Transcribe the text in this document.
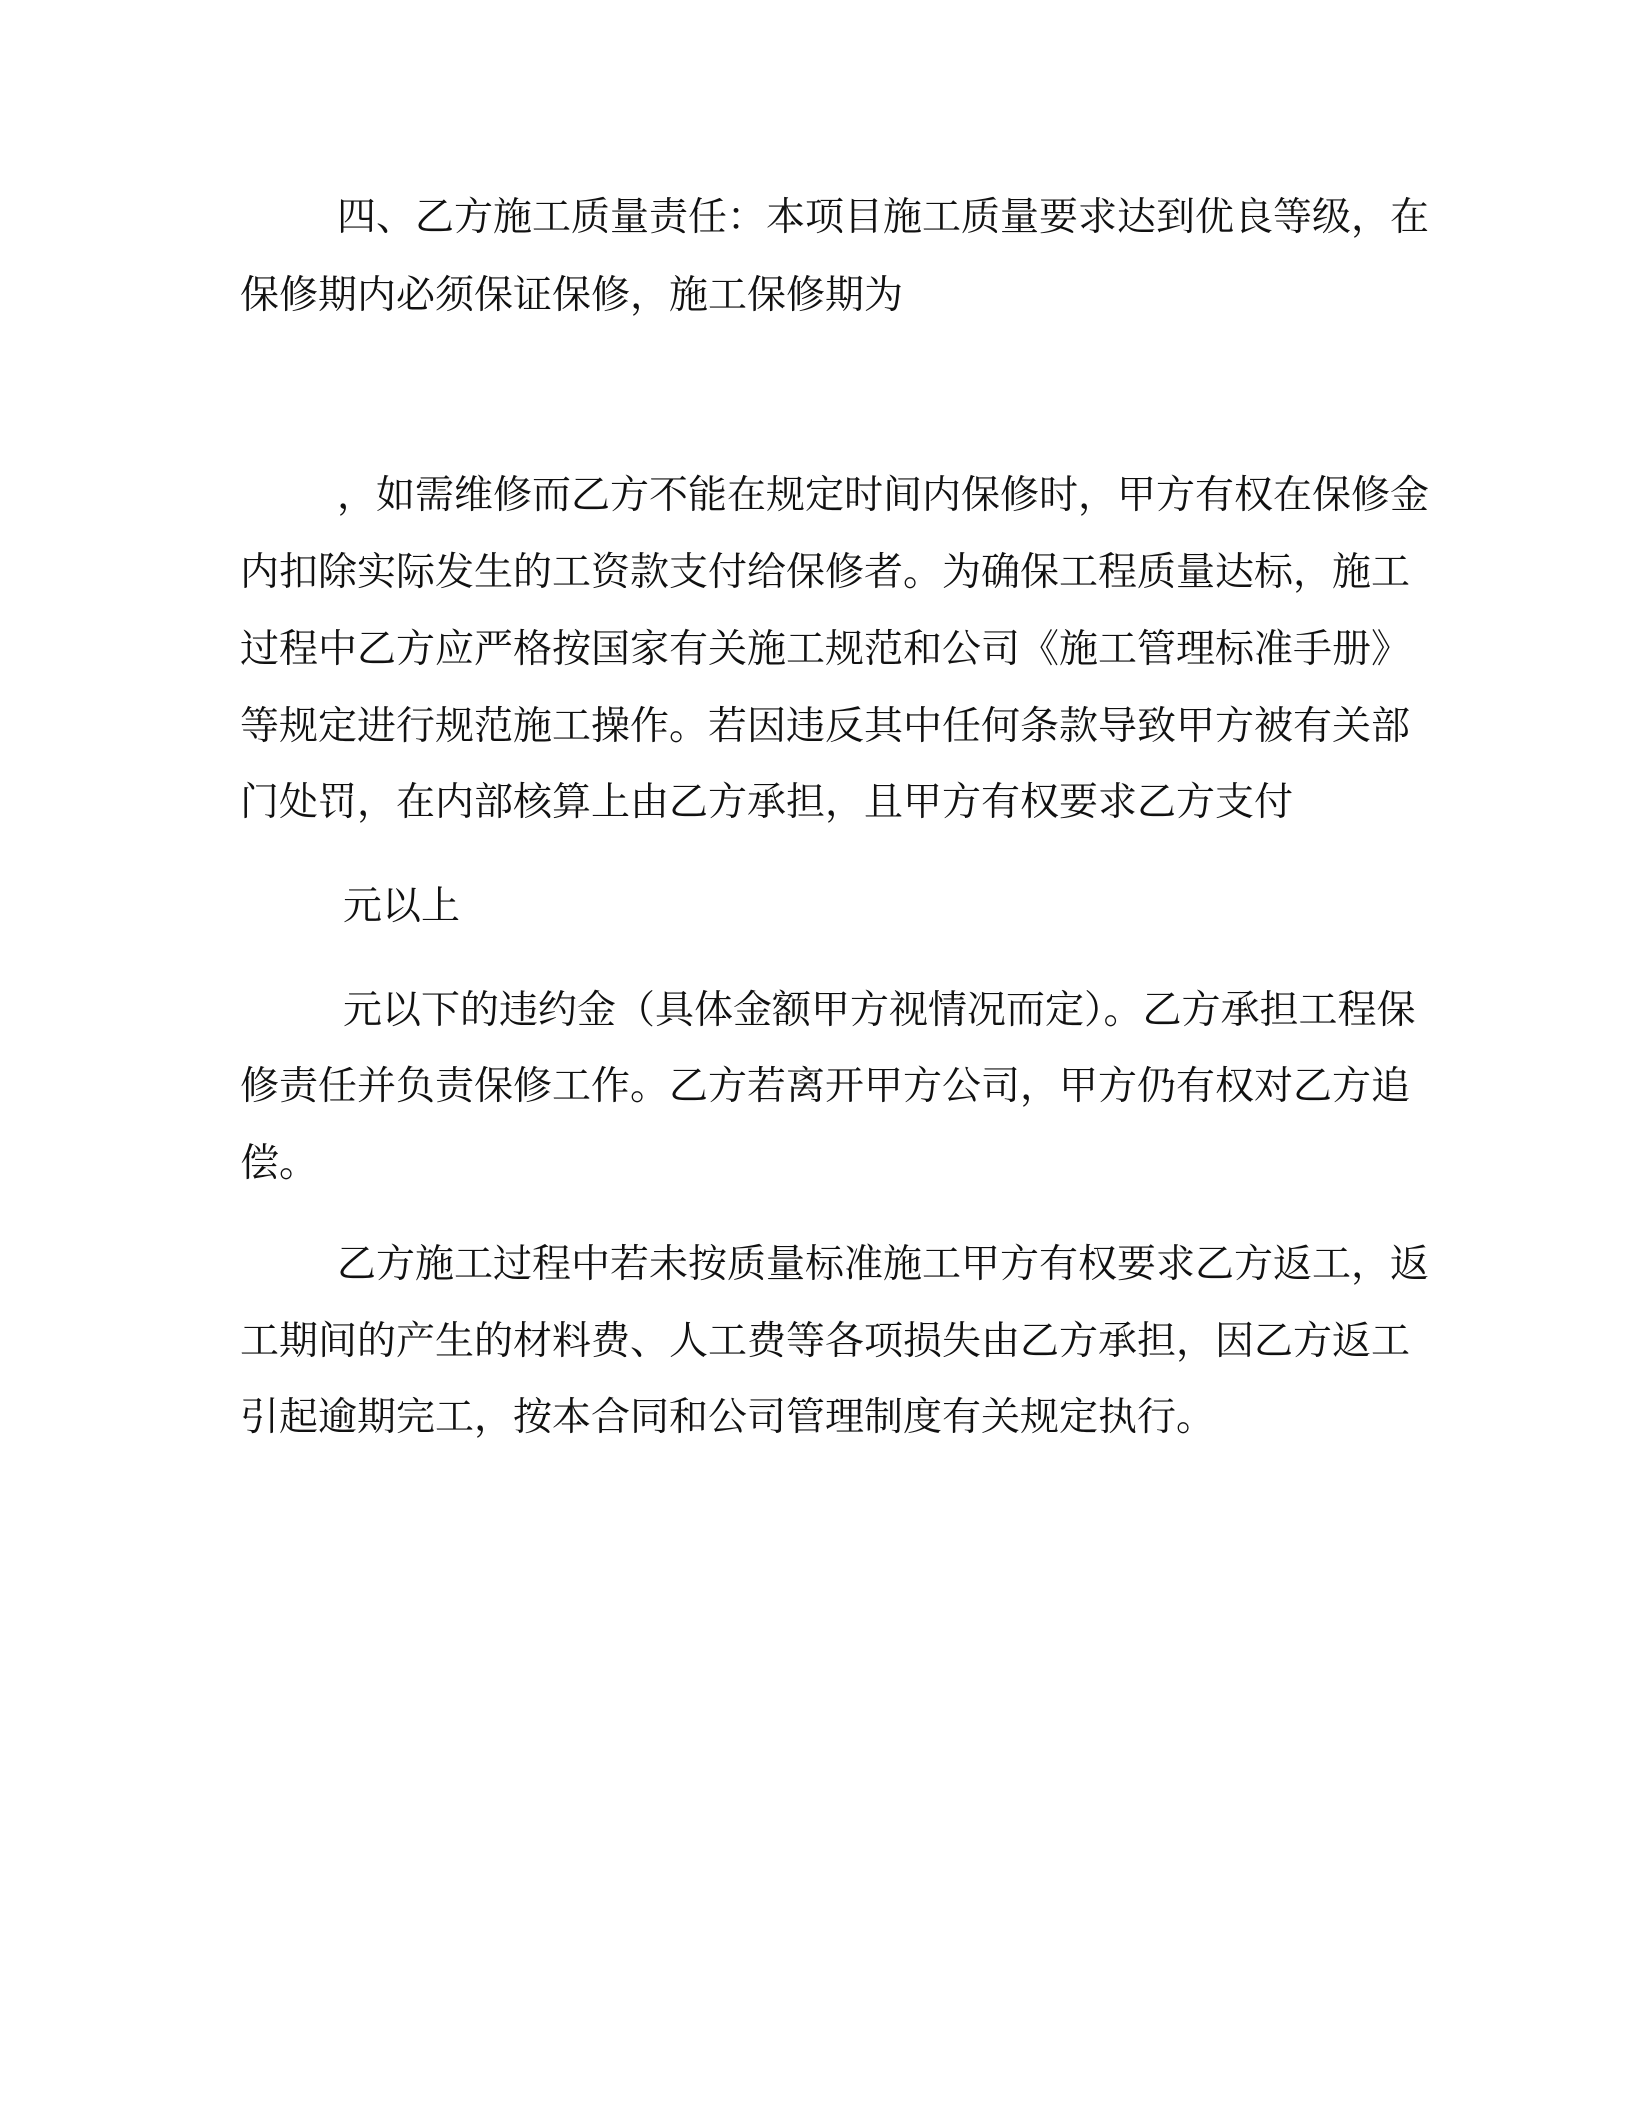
四、乙方施工质量责任：本项目施工质量要求达到优良等级，在

保修期内必须保证保修，施工保修期为

，如需维修而乙方不能在规定时间内保修时，甲方有权在保修金

内扣除实际发生的工资款支付给保修者。为确保工程质量达标，施工

过程中乙方应严格按国家有关施工规范和公司《施工管理标准手册》

等规定进行规范施工操作。若因违反其中任何条款导致甲方被有关部

门处罚，在内部核算上由乙方承担，且甲方有权要求乙方支付

元以上

元以下的违约金（具体金额甲方视情况而定）。乙方承担工程保

修责任并负责保修工作。乙方若离开甲方公司，甲方仍有权对乙方追

偿。

乙方施工过程中若未按质量标准施工甲方有权要求乙方返工，返

工期间的产生的材料费、人工费等各项损失由乙方承担，因乙方返工

引起逾期完工，按本合同和公司管理制度有关规定执行。
